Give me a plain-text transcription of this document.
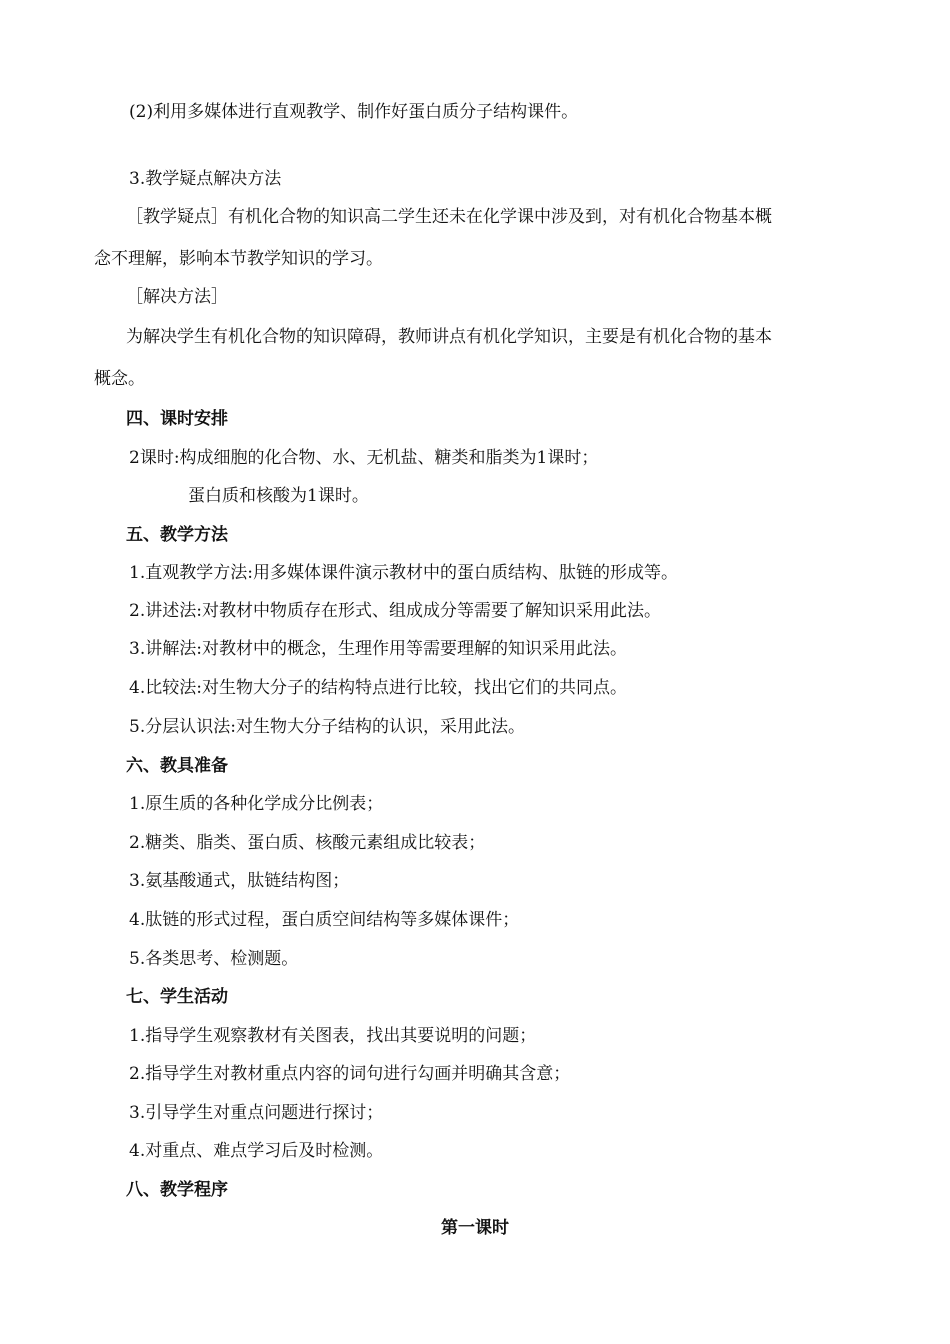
(2)利用多媒体进行直观教学、制作好蛋白质分子结构课件。

3.教学疑点解决方法

［教学疑点］有机化合物的知识高二学生还未在化学课中涉及到，对有机化合物基本概

念不理解，影响本节教学知识的学习。

［解决方法］

为解决学生有机化合物的知识障碍，教师讲点有机化学知识，主要是有机化合物的基本

概念。

四、课时安排

2课时:构成细胞的化合物、水、无机盐、糖类和脂类为1课时；

蛋白质和核酸为1课时。

五、教学方法

1.直观教学方法:用多媒体课件演示教材中的蛋白质结构、肽链的形成等。

2.讲述法:对教材中物质存在形式、组成成分等需要了解知识采用此法。

3.讲解法:对教材中的概念，生理作用等需要理解的知识采用此法。

4.比较法:对生物大分子的结构特点进行比较，找出它们的共同点。

5.分层认识法:对生物大分子结构的认识，采用此法。

六、教具准备

1.原生质的各种化学成分比例表；

2.糖类、脂类、蛋白质、核酸元素组成比较表；

3.氨基酸通式，肽链结构图；

4.肽链的形式过程，蛋白质空间结构等多媒体课件；

5.各类思考、检测题。

七、学生活动

1.指导学生观察教材有关图表，找出其要说明的问题；

2.指导学生对教材重点内容的词句进行勾画并明确其含意；

3.引导学生对重点问题进行探讨；

4.对重点、难点学习后及时检测。

八、教学程序

第一课时
